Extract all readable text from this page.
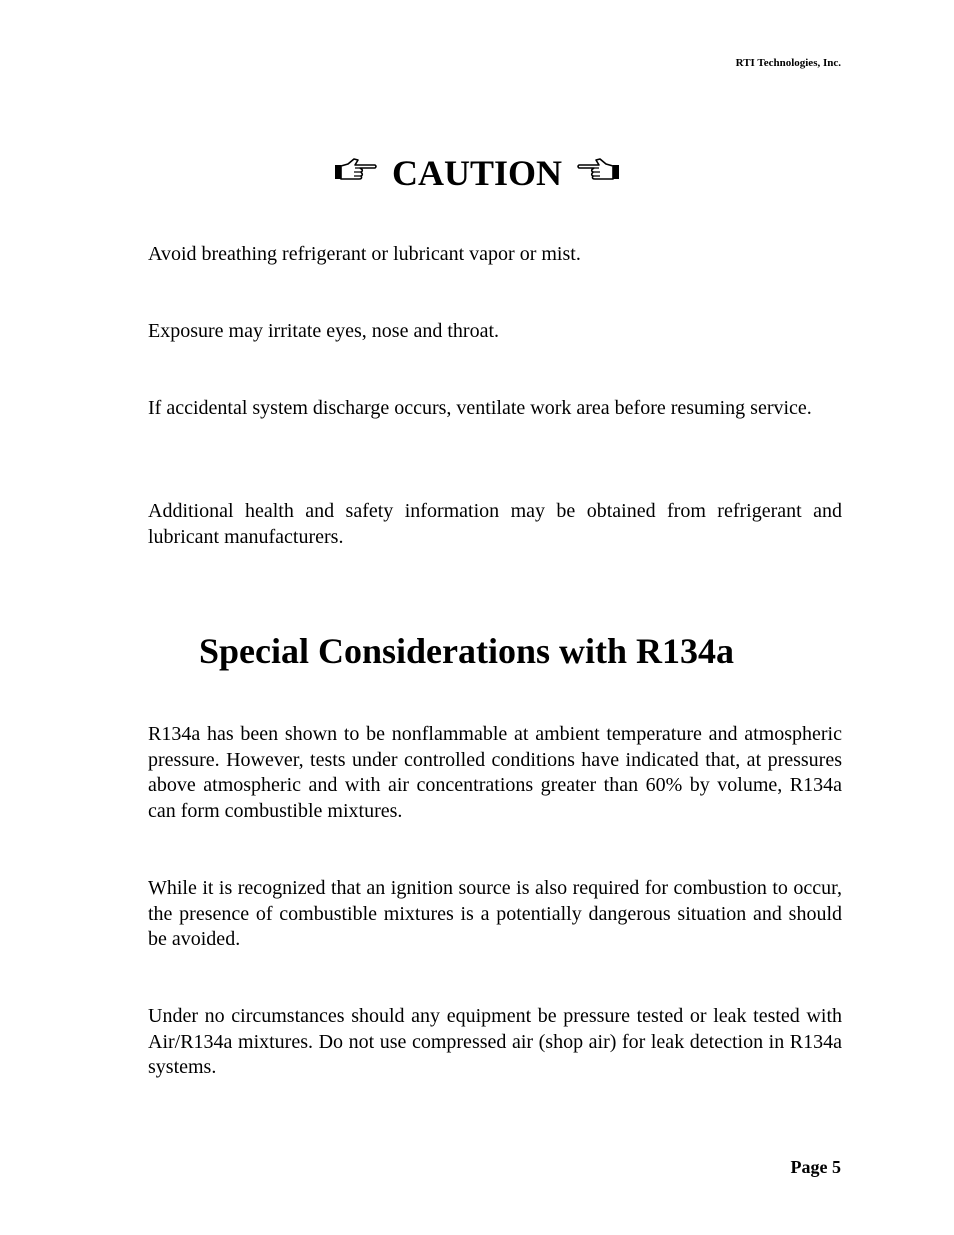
RTI Technologies, Inc.
CAUTION

Avoid breathing refrigerant or lubricant vapor or mist.

Exposure may irritate eyes, nose and throat.

If accidental system discharge occurs, ventilate work area before resuming service.

Additional health and safety information may be obtained from refrigerant and lubricant manufacturers.

Special Considerations with R134a

R134a has been shown to be nonflammable at ambient temperature and atmospheric pressure. However, tests under controlled conditions have indicated that, at pressures above atmospheric and with air concentrations greater than 60% by volume, R134a can form combustible mixtures.

While it is recognized that an ignition source is also required for combustion to occur, the presence of combustible mixtures is a potentially dangerous situation and should be avoided.

Under no circumstances should any equipment be pressure tested or leak tested with Air/R134a mixtures. Do not use compressed air (shop air) for leak detection in R134a systems.

Page 5
